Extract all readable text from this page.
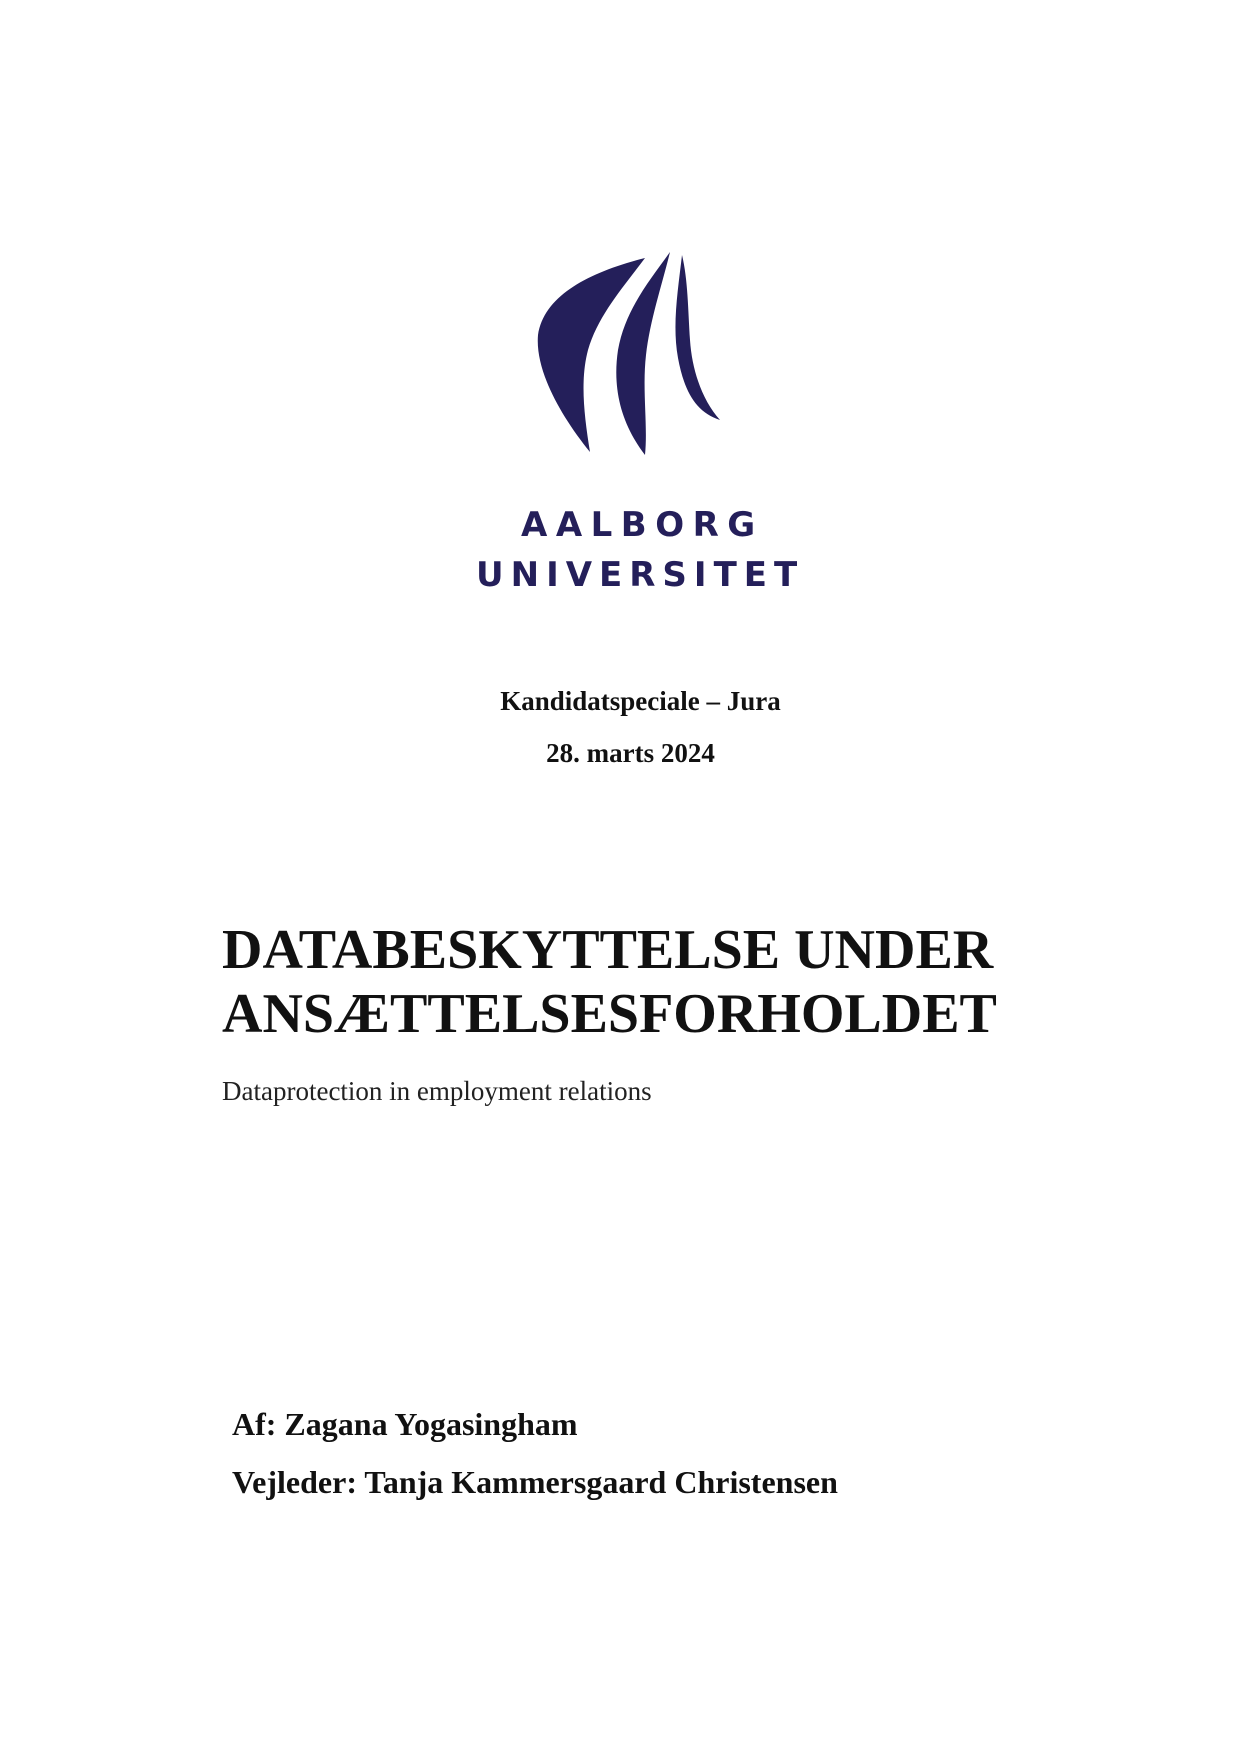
AALBORG
UNIVERSITET
Kandidatspeciale – Jura
28. marts 2024
DATABESKYTTELSE UNDER
ANSÆTTELSESFORHOLDET
Dataprotection in employment relations
Af: Zagana Yogasingham
Vejleder: Tanja Kammersgaard Christensen
